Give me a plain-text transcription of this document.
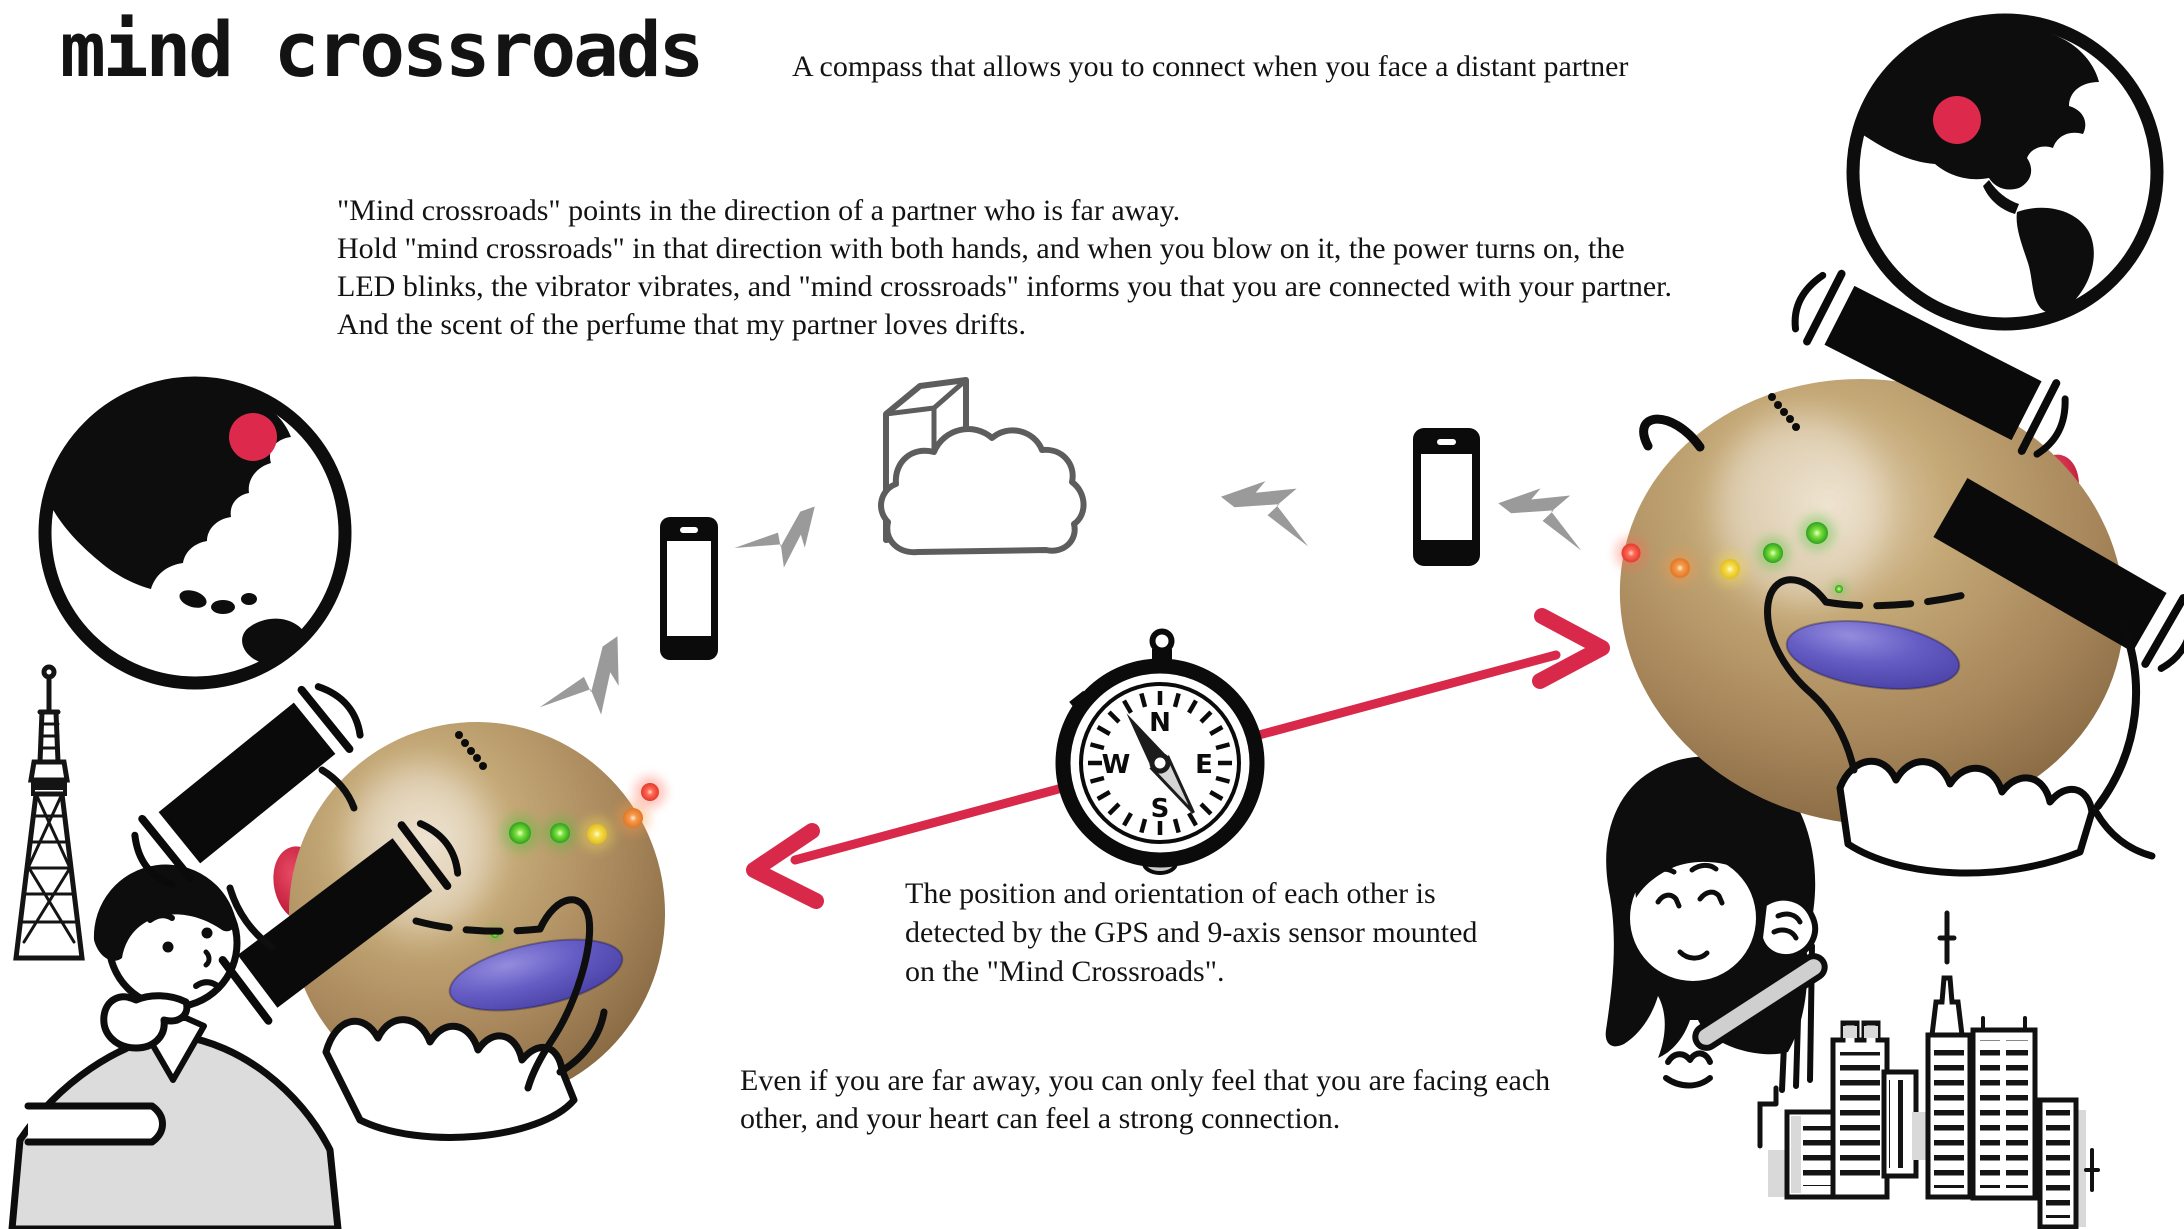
N
E
S
W
mind crossroads	A compass that allows you to connect when you face a distant partner
"Mind crossroads" points in the direction of a partner who is far away.
Hold "mind crossroads" in that direction with both hands, and when you blow on it, the power turns on, the
LED blinks, the vibrator vibrates, and "mind crossroads" informs you that you are connected with your partner.
And the scent of the perfume that my partner loves drifts.
The position and orientation of each other is
detected by the GPS and 9-axis sensor mounted
on the "Mind Crossroads".
Even if you are far away, you can only feel that you are facing each
other, and your heart can feel a strong connection.
